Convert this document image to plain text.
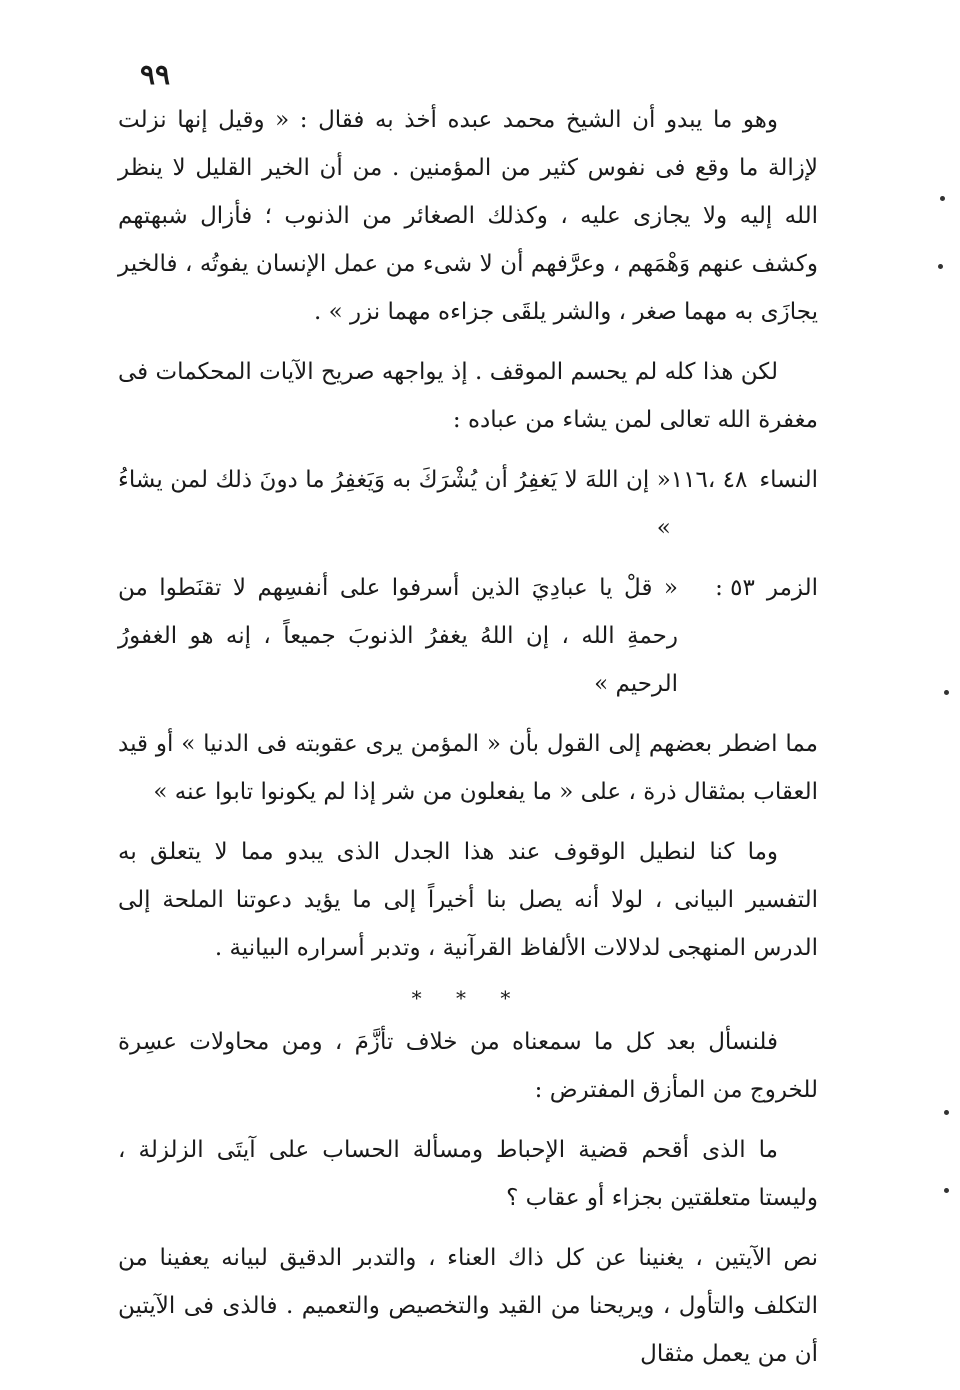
٩٩

وهو ما يبدو أن الشيخ محمد عبده أخذ به فقال : « وقيل إنها نزلت لإزالة ما وقع فى نفوس كثير من المؤمنين . من أن الخير القليل لا ينظر الله إليه ولا يجازى عليه ، وكذلك الصغائر من الذنوب ؛ فأزال شبهتهم وكشف عنهم وَهْمَهم ، وعرَّفهم أن لا شىء من عمل الإنسان يفوتُه ، فالخير يجازَى به مهما صغر ، والشر يلقَى جزاءه مهما نزر » .

لكن هذا كله لم يحسم الموقف . إذ يواجهه صريح الآيات المحكمات فى مغفرة الله تعالى لمن يشاء من عباده :

النساء٤٨ ،١١٦
« إن اللهَ لا يَغفِرُ أن يُشْرَكَ به وَيَغفِرُ ما دونَ ذلك لمن يشاءُ »
الزمر٥٣ :
« قلْ يا عبادِيَ الذين أسرفوا على أنفسِهم لا تقنَطوا من رحمةِ الله ، إن اللهُ يغفرُ الذنوبَ جميعاً ، إنه هو الغفورُ الرحيم »

مما اضطر بعضهم إلى القول بأن « المؤمن يرى عقوبته فى الدنيا » أو قيد العقاب بمثقال ذرة ، على « ما يفعلون من شر إذا لم يكونوا تابوا عنه »

وما كنا لنطيل الوقوف عند هذا الجدل الذى يبدو مما لا يتعلق به التفسير البيانى ، لولا أنه يصل بنا أخيراً إلى ما يؤيد دعوتنا الملحة إلى الدرس المنهجى لدلالات الألفاظ القرآنية ، وتدبر أسراره البيانية .

* * *

فلنسأل بعد كل ما سمعناه من خلاف تأزَّمَ ، ومن محاولات عسِرة للخروج من المأزق المفترض :

ما الذى أقحم قضية الإحباط ومسألة الحساب على آيتَى الزلزلة ، وليستا متعلقتين بجزاء أو عقاب ؟

نص الآيتين ، يغنينا عن كل ذاك العناء ، والتدبر الدقيق لبيانه يعفينا من التكلف والتأول ، ويريحنا من القيد والتخصيص والتعميم . فالذى فى الآيتين أن من يعمل مثقال
